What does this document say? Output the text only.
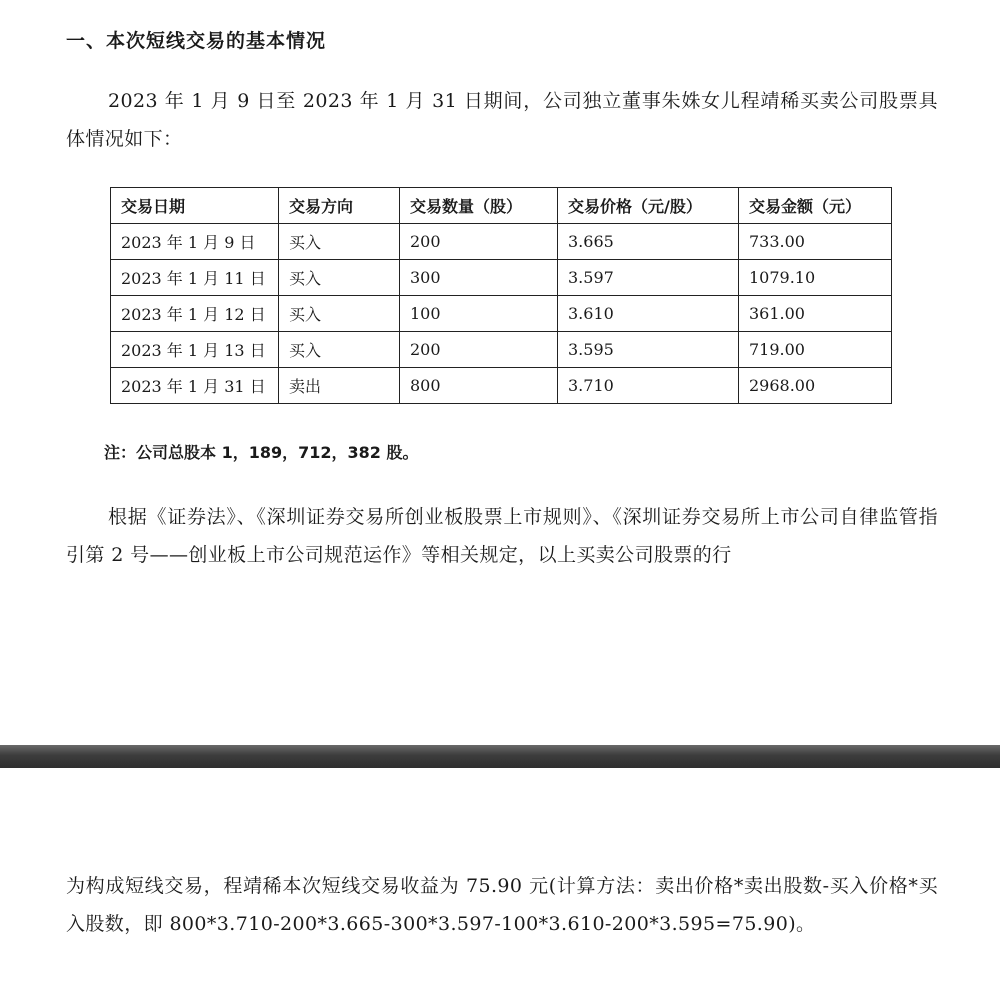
一、本次短线交易的基本情况
2023 年 1 月 9 日至 2023 年 1 月 31 日期间，公司独立董事朱姝女儿程靖稀买卖公司股票具体情况如下：
交易日期	交易方向	交易数量（股）	交易价格（元/股）	交易金额（元）
2023 年 1 月 9 日	买入	200	3.665	733.00
2023 年 1 月 11 日	买入	300	3.597	1079.10
2023 年 1 月 12 日	买入	100	3.610	361.00
2023 年 1 月 13 日	买入	200	3.595	719.00
2023 年 1 月 31 日	卖出	800	3.710	2968.00
注：公司总股本 1，189，712，382 股。
根据《证券法》、《深圳证券交易所创业板股票上市规则》、《深圳证券交易所上市公司自律监管指引第 2 号——创业板上市公司规范运作》等相关规定，以上买卖公司股票的行
为构成短线交易，程靖稀本次短线交易收益为 75.90 元(计算方法：卖出价格*卖出股数-买入价格*买入股数，即 800*3.710-200*3.665-300*3.597-100*3.610-200*3.595=75.90)。
